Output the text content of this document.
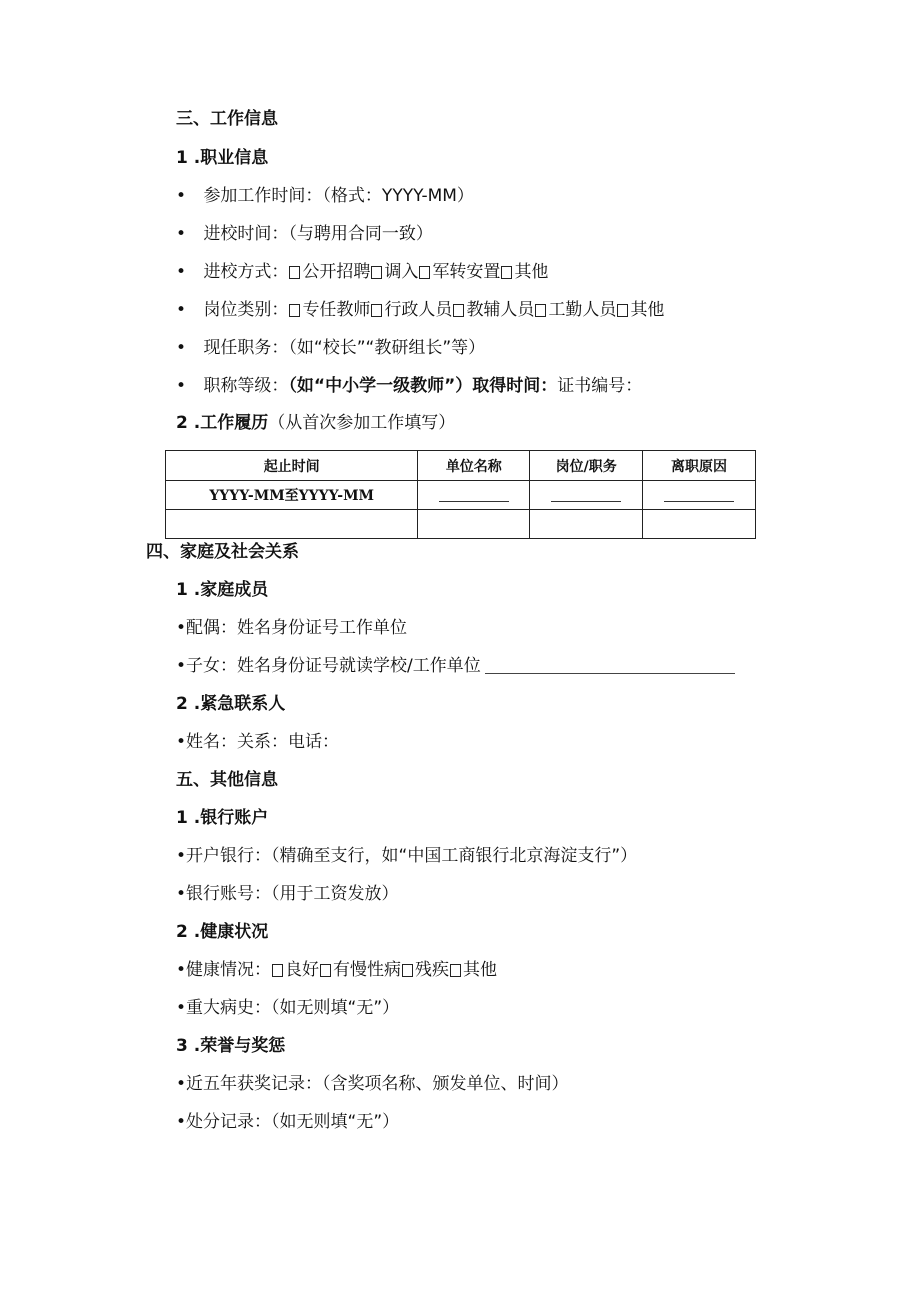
三、工作信息
1 .职业信息
• 参加工作时间：（格式：YYYY-MM）
• 进校时间：（与聘用合同一致）
• 进校方式： 公开招聘 调入 军转安置 其他
• 岗位类别： 专任教师 行政人员 教辅人员 工勤人员 其他
• 现任职务：（如“校长”“教研组长”等）
• 职称等级：（如“中小学一级教师”）取得时间：证书编号：
2 .工作履历（从首次参加工作填写）
起止时间	单位名称	岗位/职务	离职原因
YYYY-MM至YYYY-MM			

四、家庭及社会关系
1 .家庭成员
•配偶：姓名身份证号工作单位
•子女：姓名身份证号就读学校/工作单位
2 .紧急联系人
•姓名：关系：电话：
五、其他信息
1 .银行账户
•开户银行：（精确至支行，如“中国工商银行北京海淀支行”）
•银行账号：（用于工资发放）
2 .健康状况
•健康情况： 良好 有慢性病 残疾 其他
•重大病史：（如无则填“无”）
3 .荣誉与奖惩
•近五年获奖记录：（含奖项名称、颁发单位、时间）
•处分记录：（如无则填“无”）
